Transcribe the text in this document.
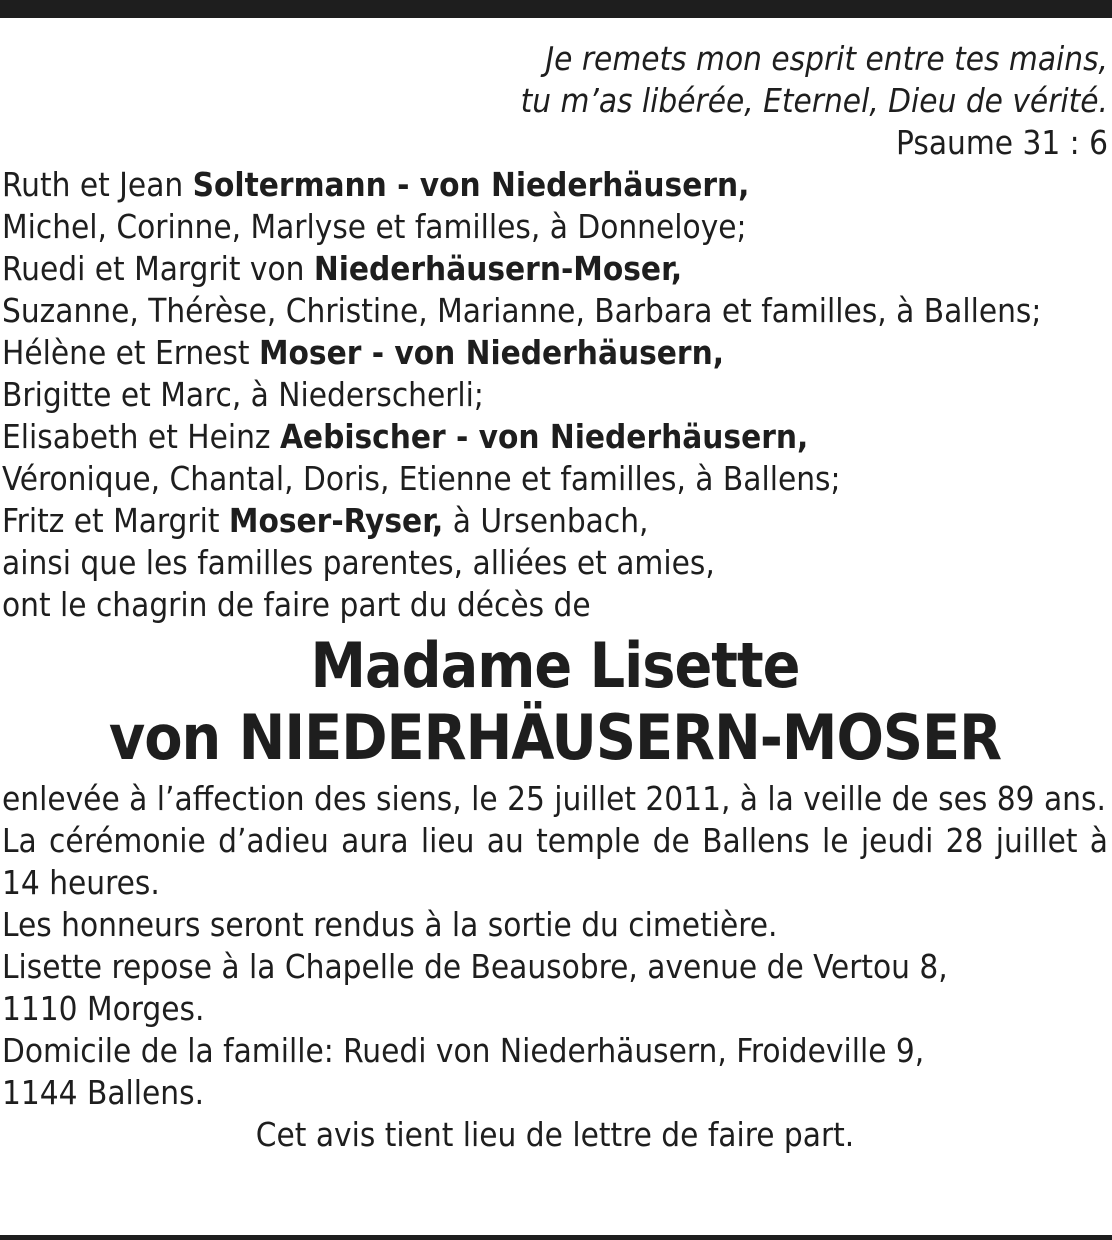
Je remets mon esprit entre tes mains,
tu m’as libérée, Eternel, Dieu de vérité.
Psaume 31 : 6
Ruth et Jean Soltermann - von Niederhäusern,
Michel, Corinne, Marlyse et familles, à Donneloye;
Ruedi et Margrit von Niederhäusern-Moser,
Suzanne, Thérèse, Christine, Marianne, Barbara et familles, à Ballens;
Hélène et Ernest Moser - von Niederhäusern,
Brigitte et Marc, à Niederscherli;
Elisabeth et Heinz Aebischer - von Niederhäusern,
Véronique, Chantal, Doris, Etienne et familles, à Ballens;
Fritz et Margrit Moser-Ryser, à Ursenbach,
ainsi que les familles parentes, alliées et amies,
ont le chagrin de faire part du décès de
Madame Lisette
von NIEDERHÄUSERN-MOSER
enlevée à l’affection des siens, le 25 juillet 2011, à la veille de ses 89 ans.
La cérémonie d’adieu aura lieu au temple de Ballens le jeudi 28 juillet à 14 heures.
Les honneurs seront rendus à la sortie du cimetière.
Lisette repose à la Chapelle de Beausobre, avenue de Vertou 8,
1110 Morges.
Domicile de la famille: Ruedi von Niederhäusern, Froideville 9,
1144 Ballens.
Cet avis tient lieu de lettre de faire part.
